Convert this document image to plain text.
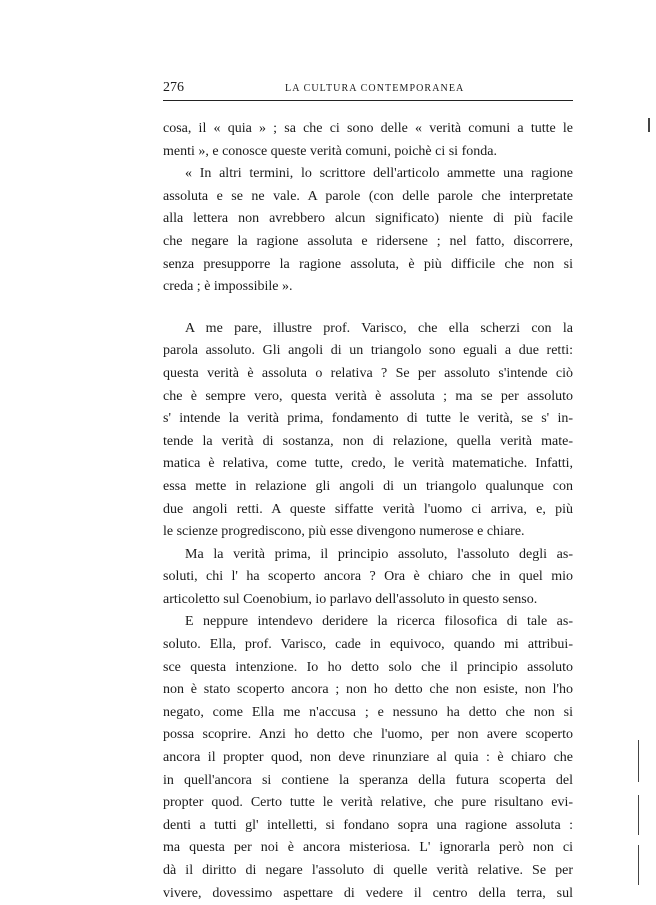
276	LA CULTURA CONTEMPORANEA
cosa, il « quia » ; sa che ci sono delle « verità comuni a tutte le
menti », e conosce queste verità comuni, poichè ci si fonda.
« In altri termini, lo scrittore dell'articolo ammette una ragione
assoluta e se ne vale. A parole (con delle parole che interpretate
alla lettera non avrebbero alcun significato) niente di più facile
che negare la ragione assoluta e ridersene ; nel fatto, discorrere,
senza presupporre la ragione assoluta, è più difficile che non si
creda ; è impossibile ».
A me pare, illustre prof. Varisco, che ella scherzi con la
parola assoluto. Gli angoli di un triangolo sono eguali a due retti:
questa verità è assoluta o relativa ? Se per assoluto s'intende ciò
che è sempre vero, questa verità è assoluta ; ma se per assoluto
s' intende la verità prima, fondamento di tutte le verità, se s' in-
tende la verità di sostanza, non di relazione, quella verità mate-
matica è relativa, come tutte, credo, le verità matematiche. Infatti,
essa mette in relazione gli angoli di un triangolo qualunque con
due angoli retti. A queste siffatte verità l'uomo ci arriva, e, più
le scienze progrediscono, più esse divengono numerose e chiare.
Ma la verità prima, il principio assoluto, l'assoluto degli as-
soluti, chi l' ha scoperto ancora ? Ora è chiaro che in quel mio
articoletto sul Coenobium, io parlavo dell'assoluto in questo senso.
E neppure intendevo deridere la ricerca filosofica di tale as-
soluto. Ella, prof. Varisco, cade in equivoco, quando mi attribui-
sce questa intenzione. Io ho detto solo che il principio assoluto
non è stato scoperto ancora ; non ho detto che non esiste, non l'ho
negato, come Ella me n'accusa ; e nessuno ha detto che non si
possa scoprire. Anzi ho detto che l'uomo, per non avere scoperto
ancora il propter quod, non deve rinunziare al quia : è chiaro che
in quell'ancora si contiene la speranza della futura scoperta del
propter quod. Certo tutte le verità relative, che pure risultano evi-
denti a tutti gl' intelletti, si fondano sopra una ragione assoluta :
ma questa per noi è ancora misteriosa. L' ignorarla però non ci
dà il diritto di negare l'assoluto di quelle verità relative. Se per
vivere, dovessimo aspettare di vedere il centro della terra, sul
